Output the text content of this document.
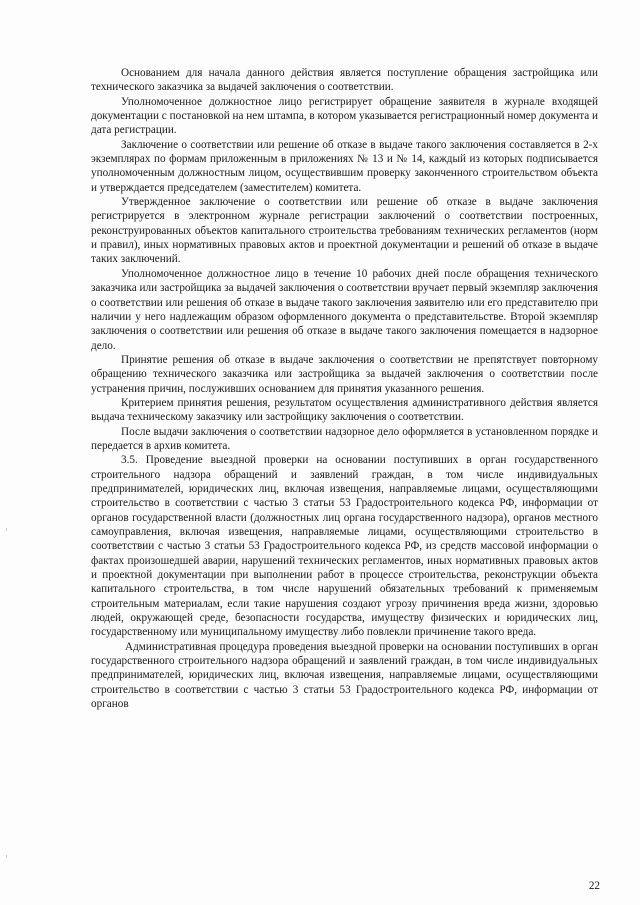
Основанием для начала данного действия является поступление обращения застройщика или технического заказчика за выдачей заключения о соответствии.

Уполномоченное должностное лицо регистрирует обращение заявителя в журнале входящей документации с постановкой на нем штампа, в котором указывается регистрационный номер документа и дата регистрации.

Заключение о соответствии или решение об отказе в выдаче такого заключения составляется в 2-х экземплярах по формам приложенным в приложениях № 13 и № 14, каждый из которых подписывается уполномоченным должностным лицом, осуществившим проверку законченного строительством объекта и утверждается председателем (заместителем) комитета.

Утвержденное заключение о соответствии или решение об отказе в выдаче заключения регистрируется в электронном журнале регистрации заключений о соответствии построенных, реконструированных объектов капитального строительства требованиям технических регламентов (норм и правил), иных нормативных правовых актов и проектной документации и решений об отказе в выдаче таких заключений.

Уполномоченное должностное лицо в течение 10 рабочих дней после обращения технического заказчика или застройщика за выдачей заключения о соответствии вручает первый экземпляр заключения о соответствии или решения об отказе в выдаче такого заключения заявителю или его представителю при наличии у него надлежащим образом оформленного документа о представительстве. Второй экземпляр заключения о соответствии или решения об отказе в выдаче такого заключения помещается в надзорное дело.

Принятие решения об отказе в выдаче заключения о соответствии не препятствует повторному обращению технического заказчика или застройщика за выдачей заключения о соответствии после устранения причин, послуживших основанием для принятия указанного решения.

Критерием принятия решения, результатом осуществления административного действия является выдача техническому заказчику или застройщику заключения о соответствии.

После выдачи заключения о соответствии надзорное дело оформляется в установленном порядке и передается в архив комитета.

3.5. Проведение выездной проверки на основании поступивших в орган государственного строительного надзора обращений и заявлений граждан, в том числе индивидуальных предпринимателей, юридических лиц, включая извещения, направляемые лицами, осуществляющими строительство в соответствии с частью 3 статьи 53 Градостроительного кодекса РФ, информации от органов государственной власти (должностных лиц органа государственного надзора), органов местного самоуправления, включая извещения, направляемые лицами, осуществляющими строительство в соответствии с частью 3 статьи 53 Градостроительного кодекса РФ, из средств массовой информации о фактах произошедшей аварии, нарушений технических регламентов, иных нормативных правовых актов и проектной документации при выполнении работ в процессе строительства, реконструкции объекта капитального строительства, в том числе нарушений обязательных требований к применяемым строительным материалам, если такие нарушения создают угрозу причинения вреда жизни, здоровью людей, окружающей среде, безопасности государства, имуществу физических и юридических лиц, государственному или муниципальному имуществу либо повлекли причинение такого вреда.

Административная процедура проведения выездной проверки на основании поступивших в орган государственного строительного надзора обращений и заявлений граждан, в том числе индивидуальных предпринимателей, юридических лиц, включая извещения, направляемые лицами, осуществляющими строительство в соответствии с частью 3 статьи 53 Градостроительного кодекса РФ, информации от органов

22
